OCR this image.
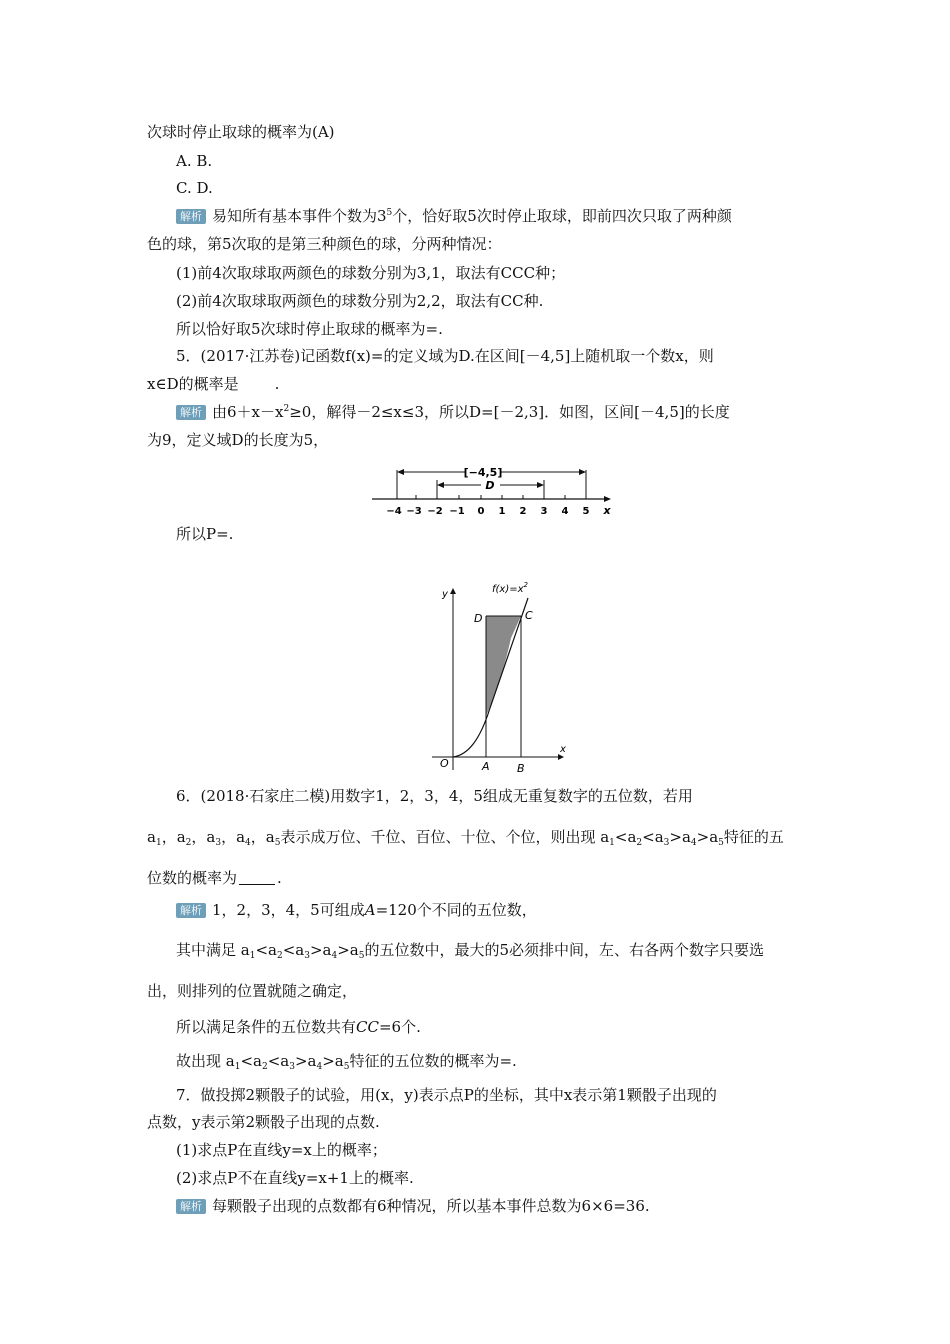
次球时停止取球的概率为(A)
A. B.
C. D.
解析 易知所有基本事件个数为$3^5$个，恰好取5次时停止取球，即前四次只取了两种颜
色的球，第5次取的是第三种颜色的球，分两种情况：
(1)前4次取球取两颜色的球数分别为3,1，取法有CCC种；
(2)前4次取球取两颜色的球数分别为2,2，取法有CC种.
所以恰好取5次球时停止取球的概率为=.
5．(2017·江苏卷)记函数f(x)=的定义域为D.在区间[－4,5]上随机取一个数x，则
x∈D的概率是 .
解析 由$6+x-x^2\ge 0$，解得－2≤x≤3，所以D=[－2,3]．如图，区间[－4,5]的长度
为9，定义域D的长度为5，
[−4,5]
D
−4 −3 −2 −1 0 1 2 3 4 5 x
所以P=.
$f(x)=x^2$
y
x
O	A B
C
D
6．(2018·石家庄二模)用数字1，2，3，4，5组成无重复数字的五位数，若用
$a_1$，$a_2$，$a_3$，$a_4$，$a_5$表示成万位、千位、百位、十位、个位，则出现 $a_1<a_2<a_3>a_4>a_5$特征的五
位数的概率为	.
解析 1，2，3，4，5可组成A=120个不同的五位数，
其中满足 $a_1<a_2<a_3>a_4>a_5$的五位数中，最大的5必须排中间，左、右各两个数字只要选
出，则排列的位置就随之确定，
所以满足条件的五位数共有CC=6个.
故出现 $a_1<a_2<a_3>a_4>a_5$特征的五位数的概率为=.
7．做投掷2颗骰子的试验，用(x，y)表示点P的坐标，其中x表示第1颗骰子出现的
点数，y表示第2颗骰子出现的点数.
(1)求点P在直线y=x上的概率；
(2)求点P不在直线y=x+1上的概率.
解析 每颗骰子出现的点数都有6种情况，所以基本事件总数为6×6=36.
